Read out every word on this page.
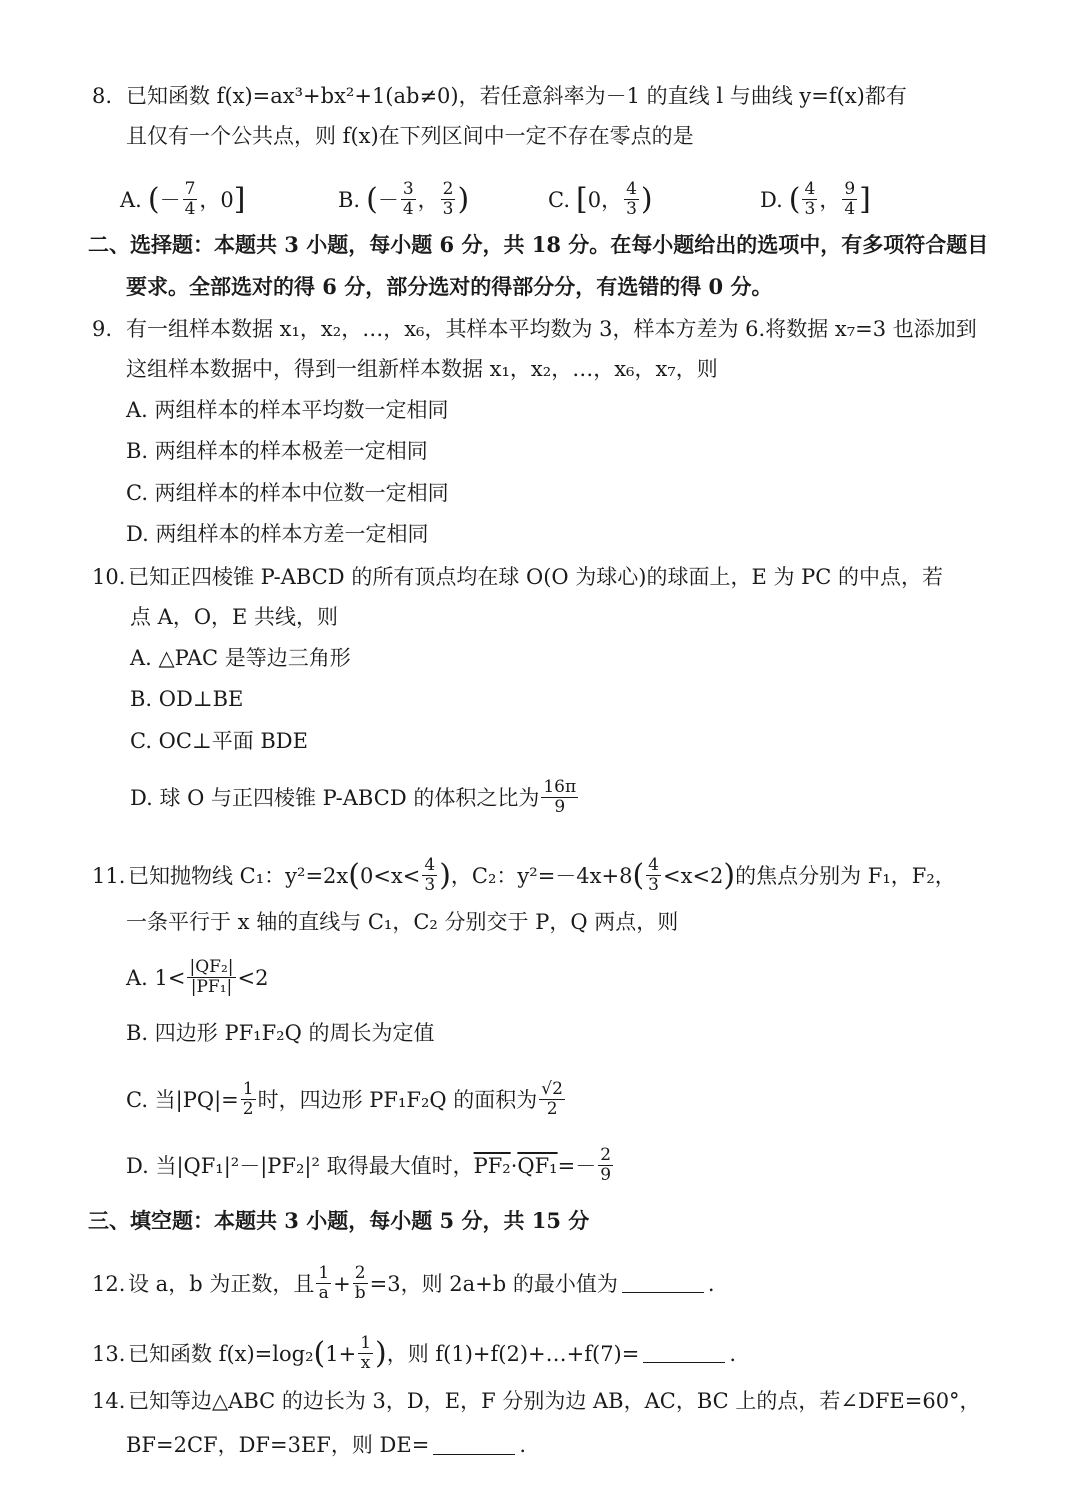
8. 已知函数 f(x)=ax³+bx²+1(ab≠0)，若任意斜率为－1 的直线 l 与曲线 y=f(x)都有
且仅有一个公共点，则 f(x)在下列区间中一定不存在零点的是
A. ( － $\frac{7}{4}$ ，0 ]	B. ( － $\frac{3}{4}$ ， $\frac{2}{3}$ )	C. [ 0， $\frac{4}{3}$ )	D. ( $\frac{4}{3}$ ， $\frac{9}{4}$ ]
二、选择题：本题共 3 小题，每小题 6 分，共 18 分。在每小题给出的选项中，有多项符合题目
要求。全部选对的得 6 分，部分选对的得部分分，有选错的得 0 分。
9. 有一组样本数据 x₁，x₂，…，x₆，其样本平均数为 3，样本方差为 6.将数据 x₇=3 也添加到
这组样本数据中，得到一组新样本数据 x₁，x₂，…，x₆，x₇，则
A. 两组样本的样本平均数一定相同
B. 两组样本的样本极差一定相同
C. 两组样本的样本中位数一定相同
D. 两组样本的样本方差一定相同
10. 已知正四棱锥 P-ABCD 的所有顶点均在球 O(O 为球心)的球面上，E 为 PC 的中点，若
点 A，O，E 共线，则
A. △PAC 是等边三角形
B. OD⊥BE
C. OC⊥平面 BDE
D. 球 O 与正四棱锥 P-ABCD 的体积之比为 $\frac{16\pi}{9}$
11. 已知抛物线 C₁：y²=2x ( $0<x< \frac{4}{3}$ ) ，C₂：y²=－4x+8 ( $\frac{4}{3} <x<2$ ) 的焦点分别为 F₁，F₂，
一条平行于 x 轴的直线与 C₁，C₂ 分别交于 P，Q 两点，则
A. $1< \frac{\text{|QF₂|}}{\text{|PF₁|}} <2$
B. 四边形 PF₁F₂Q 的周长为定值
C. 当$|PQ|= \frac{1}{2}$ 时，四边形 PF₁F₂Q 的面积为 $\frac{√2}{2}$
D. 当|QF₁|²－|PF₂|² 取得最大值时， $PF_2 \cdot QF_1 =- \frac{2}{9}$
三、填空题：本题共 3 小题，每小题 5 分，共 15 分
12. 设 a，b 为正数，且 $\frac{1}{a} + \frac{2}{b} =3$，则 2a+b 的最小值为	.
13. 已知函数 f(x)=log₂ ( $1+ \frac{1}{x}$ ) ，则 f(1)+f(2)+…+f(7)=	.
14. 已知等边△ABC 的边长为 3，D，E，F 分别为边 AB，AC，BC 上的点，若∠DFE=60°，
BF=2CF，DF=3EF，则 DE=	.
